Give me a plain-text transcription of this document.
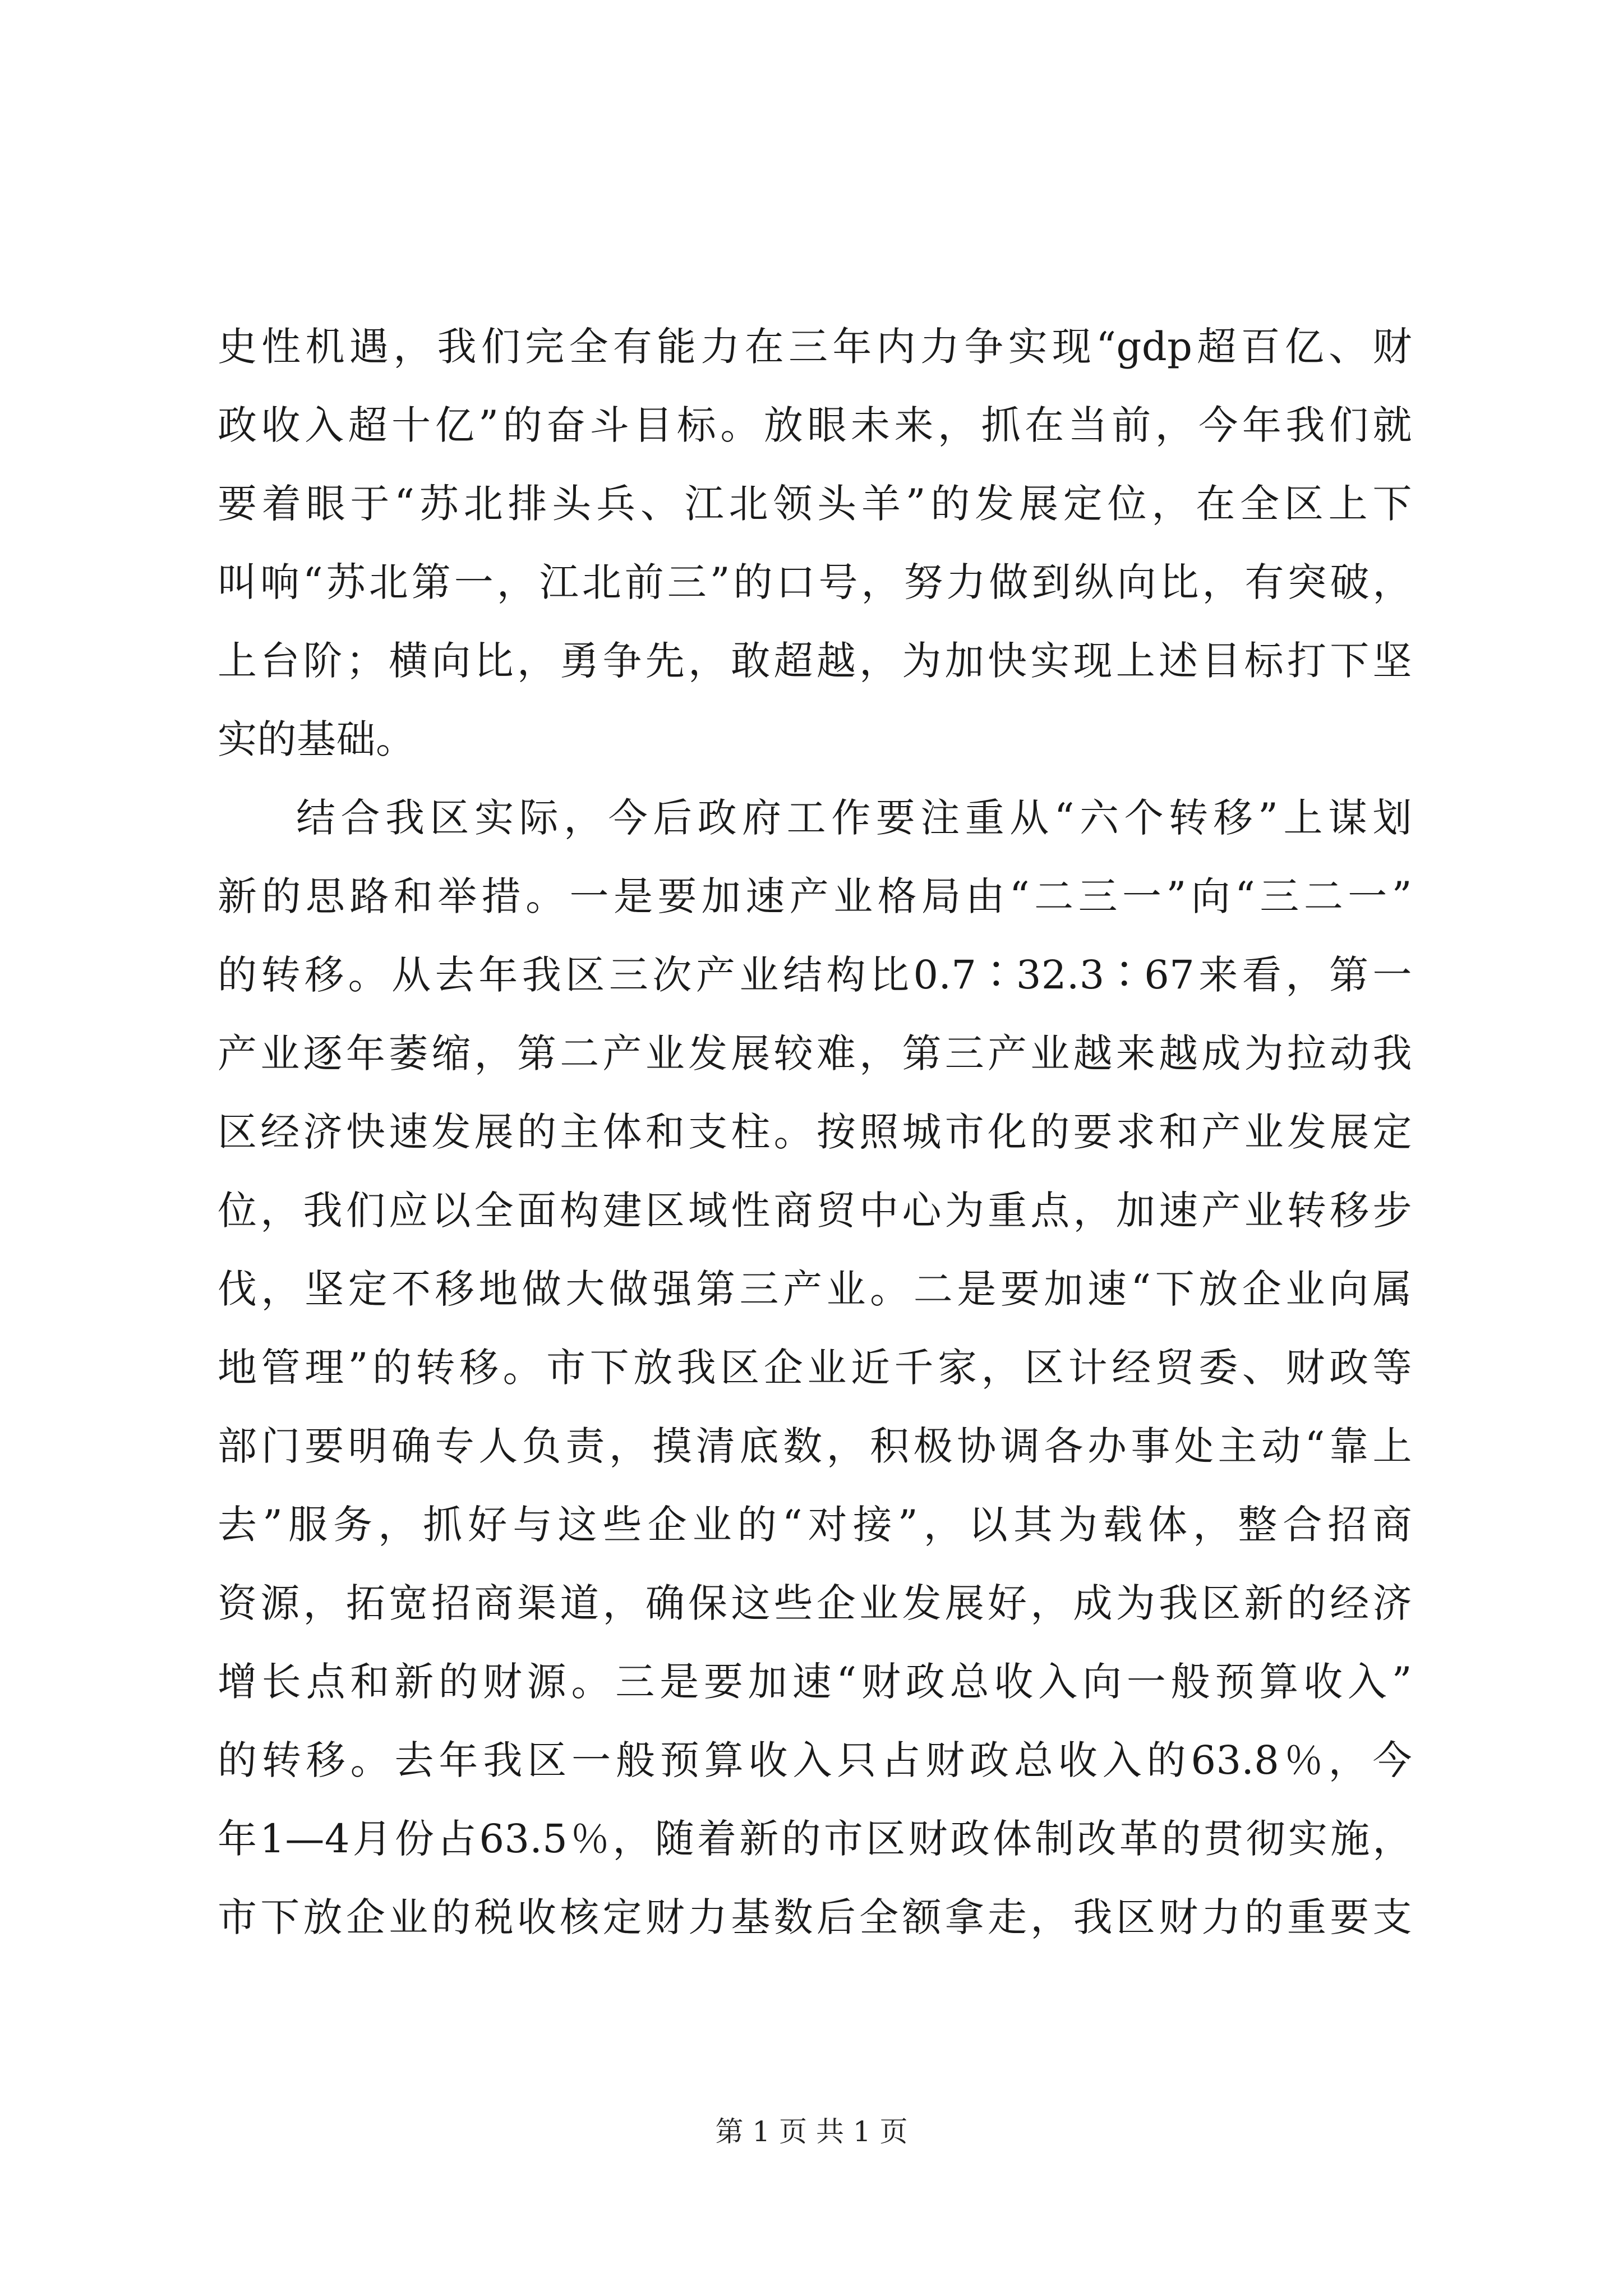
史性机遇，我们完全有能力在三年内力争实现“gdp超百亿、财
政收入超十亿”的奋斗目标。放眼未来，抓在当前，今年我们就
要着眼于“苏北排头兵、江北领头羊”的发展定位，在全区上下
叫响“苏北第一，江北前三”的口号，努力做到纵向比，有突破，
上台阶；横向比，勇争先，敢超越，为加快实现上述目标打下坚
实的基础。
结合我区实际，今后政府工作要注重从“六个转移”上谋划
新的思路和举措。一是要加速产业格局由“二三一”向“三二一”
的转移。从去年我区三次产业结构比0.7∶32.3∶67来看，第一
产业逐年萎缩，第二产业发展较难，第三产业越来越成为拉动我
区经济快速发展的主体和支柱。按照城市化的要求和产业发展定
位，我们应以全面构建区域性商贸中心为重点，加速产业转移步
伐，坚定不移地做大做强第三产业。二是要加速“下放企业向属
地管理”的转移。市下放我区企业近千家，区计经贸委、财政等
部门要明确专人负责，摸清底数，积极协调各办事处主动“靠上
去”服务，抓好与这些企业的“对接”，以其为载体，整合招商
资源，拓宽招商渠道，确保这些企业发展好，成为我区新的经济
增长点和新的财源。三是要加速“财政总收入向一般预算收入”
的转移。去年我区一般预算收入只占财政总收入的63.8％，今
年1—4月份占63.5％，随着新的市区财政体制改革的贯彻实施，
市下放企业的税收核定财力基数后全额拿走，我区财力的重要支
第 1 页 共 1 页
